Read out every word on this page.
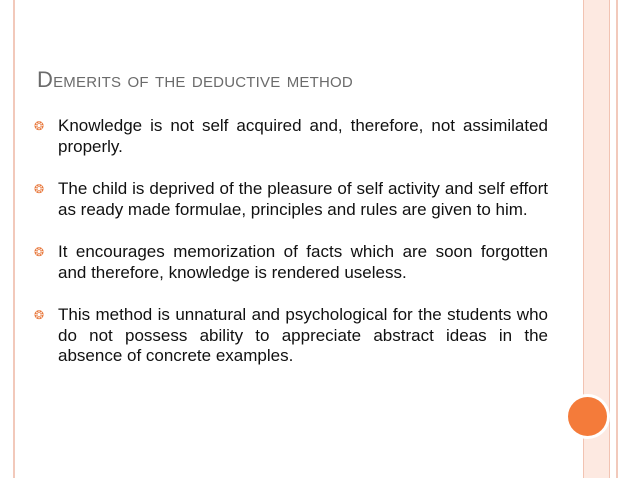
Demerits of the deductive method
❂ Knowledge is not self acquired and, therefore, not assimilated properly.
❂ The child is deprived of the pleasure of self activity and self effort as ready made formulae, principles and rules are given to him.
❂ It encourages memorization of facts which are soon forgotten and therefore, knowledge is rendered useless.
❂ This method is unnatural and psychological for the students who do not possess ability to appreciate abstract ideas in the absence of concrete examples.
